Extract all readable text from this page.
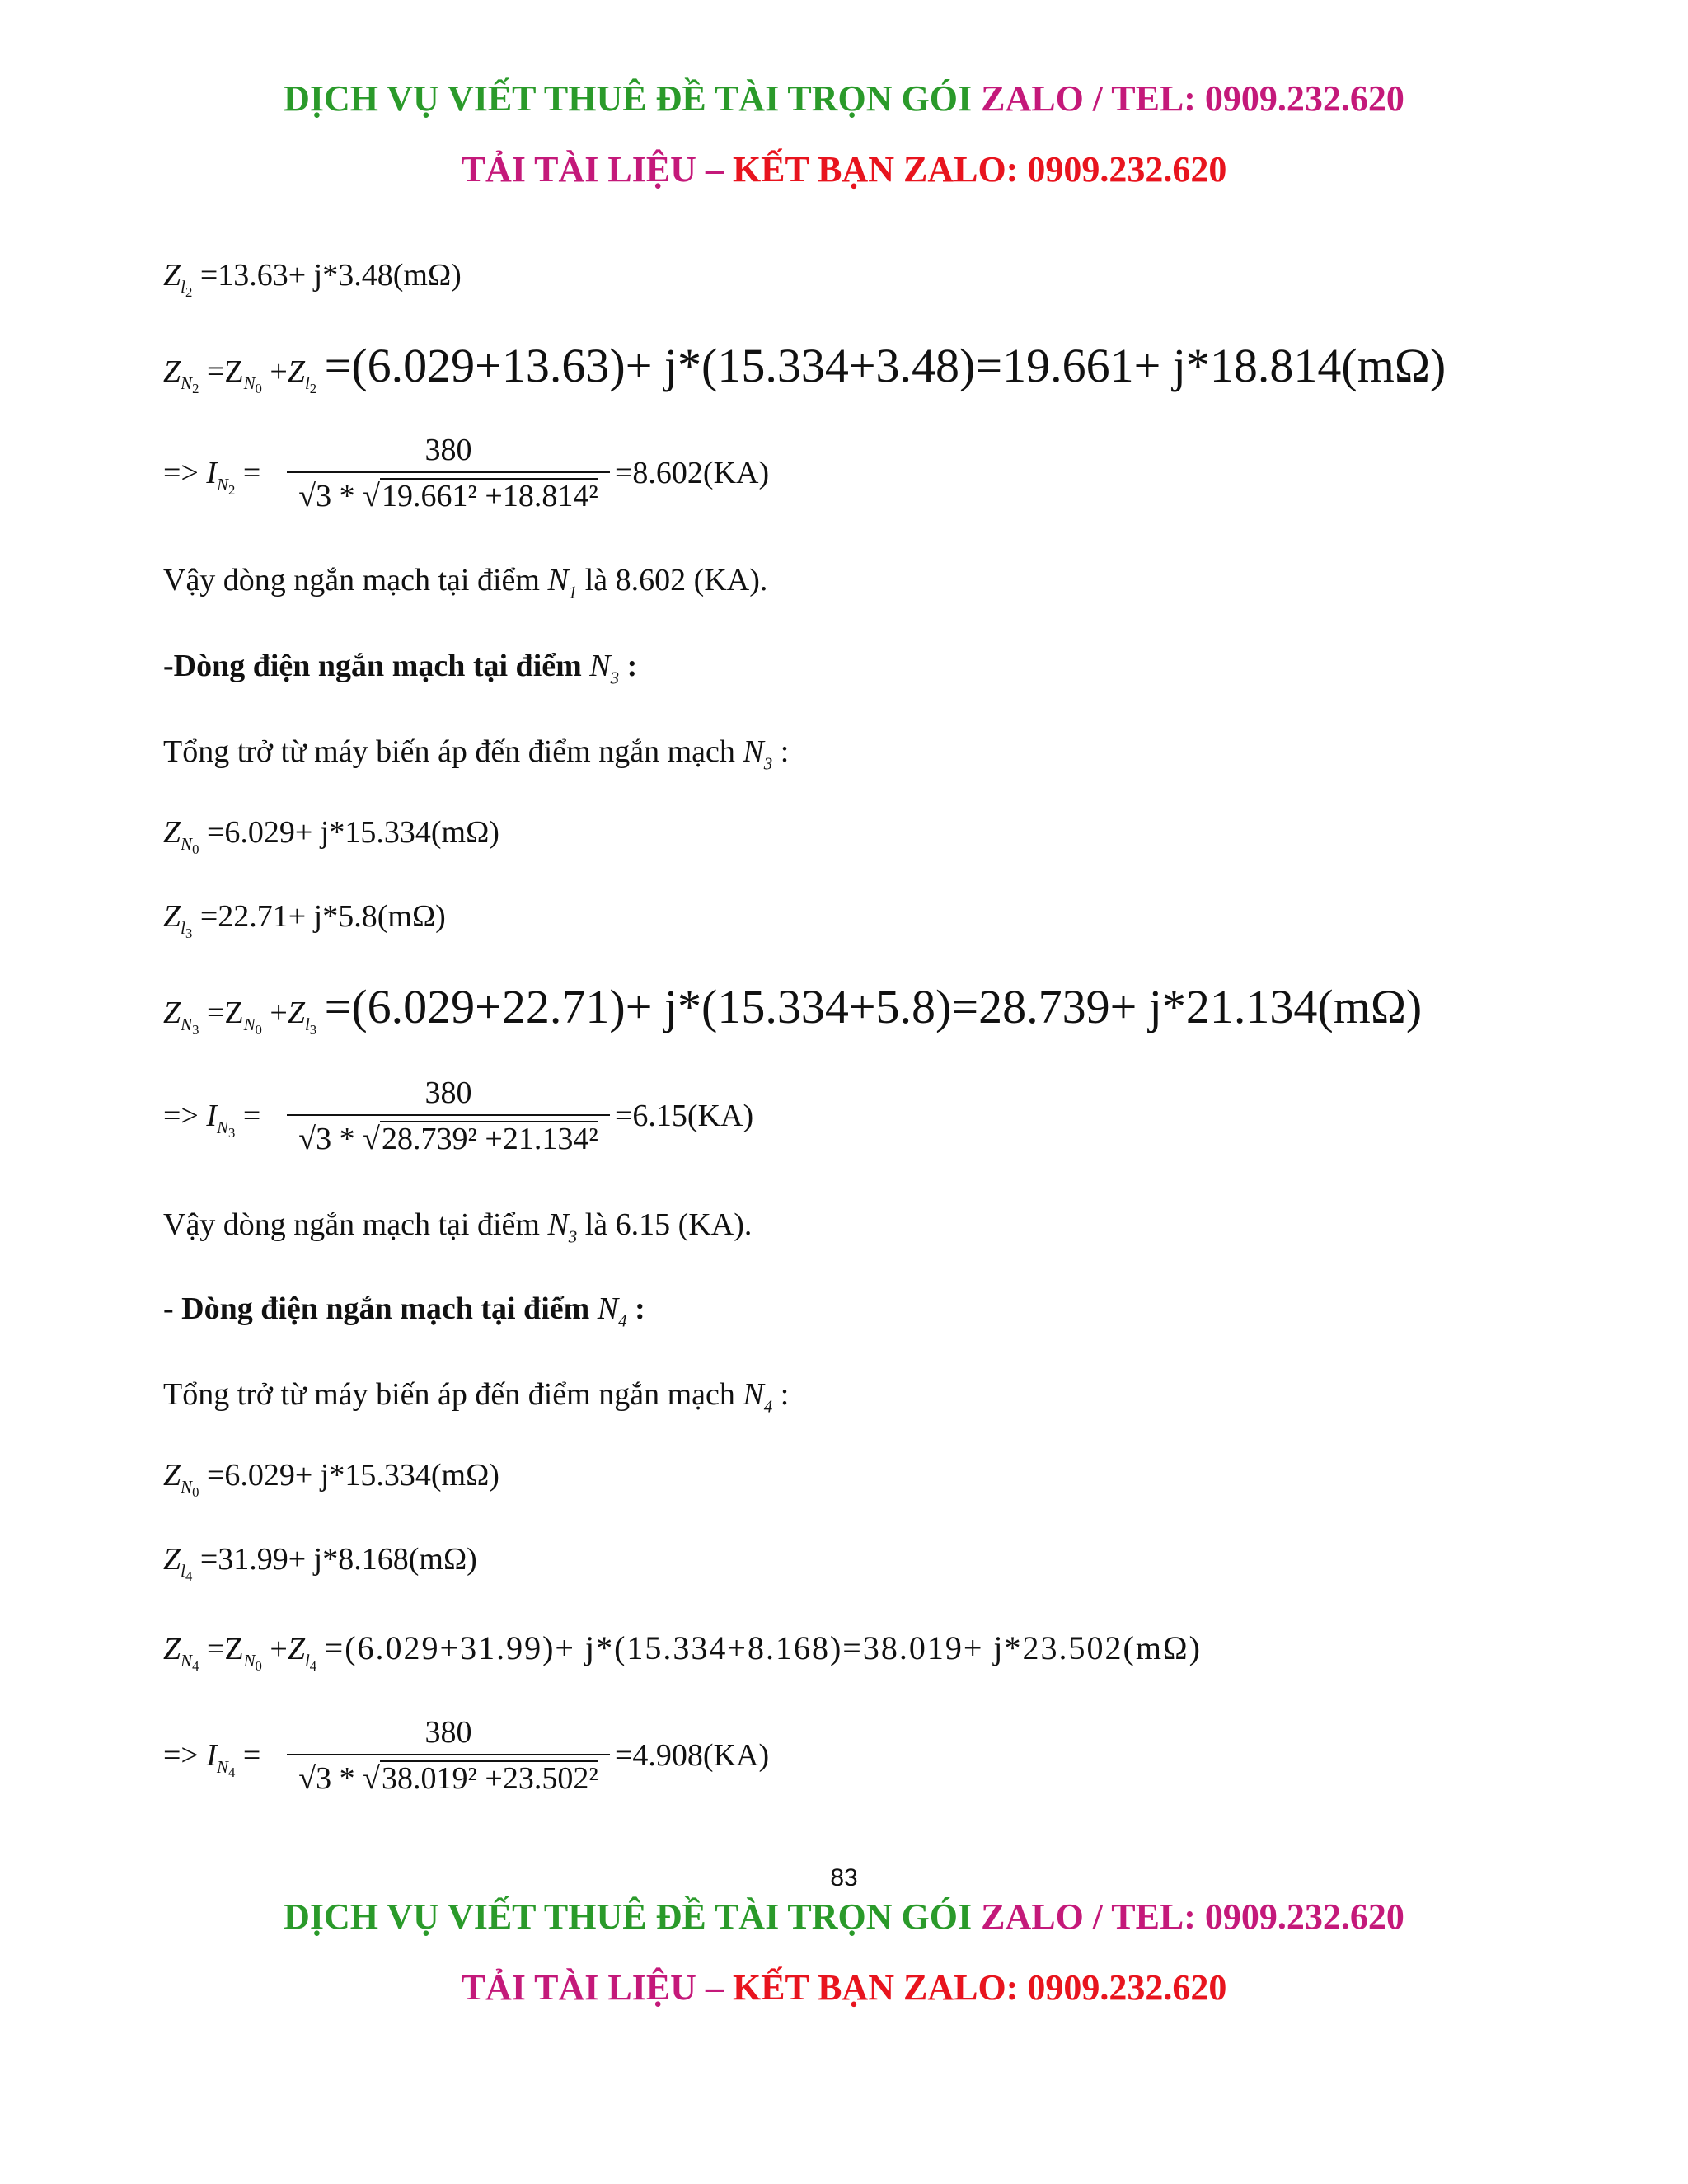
DỊCH VỤ VIẾT THUÊ ĐỀ TÀI TRỌN GÓI ZALO / TEL: 0909.232.620
TẢI TÀI LIỆU – KẾT BẠN ZALO: 0909.232.620
$Z_{l_2} =13.63+ j*3.48(m\Omega)$
$Z_{N_2} =Z_{N_0} +Z_{l_2} =(6.029+13.63)+ j*(15.334+3.48)=19.661+ j*18.814(m\Omega)$
=> $I_{N_2}$ =
380
√3 * √19.661² +18.814²
=8.602(KA)
Vậy dòng ngắn mạch tại điểm $N_1$ là 8.602 (KA).
-Dòng điện ngắn mạch tại điểm $N_3$ :
Tổng trở từ máy biến áp đến điểm ngắn mạch $N_3$ :
$Z_{N_0} =6.029+ j*15.334(m\Omega)$
$Z_{l_3} =22.71+ j*5.8(m\Omega)$
$Z_{N_3} =Z_{N_0} +Z_{l_3} =(6.029+22.71)+ j*(15.334+5.8)=28.739+ j*21.134(m\Omega)$
=> $I_{N_3}$ =
380
√3 * √28.739² +21.134²
=6.15(KA)
Vậy dòng ngắn mạch tại điểm $N_3$ là 6.15 (KA).
- Dòng điện ngắn mạch tại điểm $N_4$ :
Tổng trở từ máy biến áp đến điểm ngắn mạch $N_4$ :
$Z_{N_0} =6.029+ j*15.334(m\Omega)$
$Z_{l_4} =31.99+ j*8.168(m\Omega)$
$Z_{N_4} =Z_{N_0} +Z_{l_4} =(6.029+31.99)+ j*(15.334+8.168)=38.019+ j*23.502(m\Omega)$
=> $I_{N_4}$ =
380
√3 * √38.019² +23.502²
=4.908(KA)
83
DỊCH VỤ VIẾT THUÊ ĐỀ TÀI TRỌN GÓI ZALO / TEL: 0909.232.620
TẢI TÀI LIỆU – KẾT BẠN ZALO: 0909.232.620
